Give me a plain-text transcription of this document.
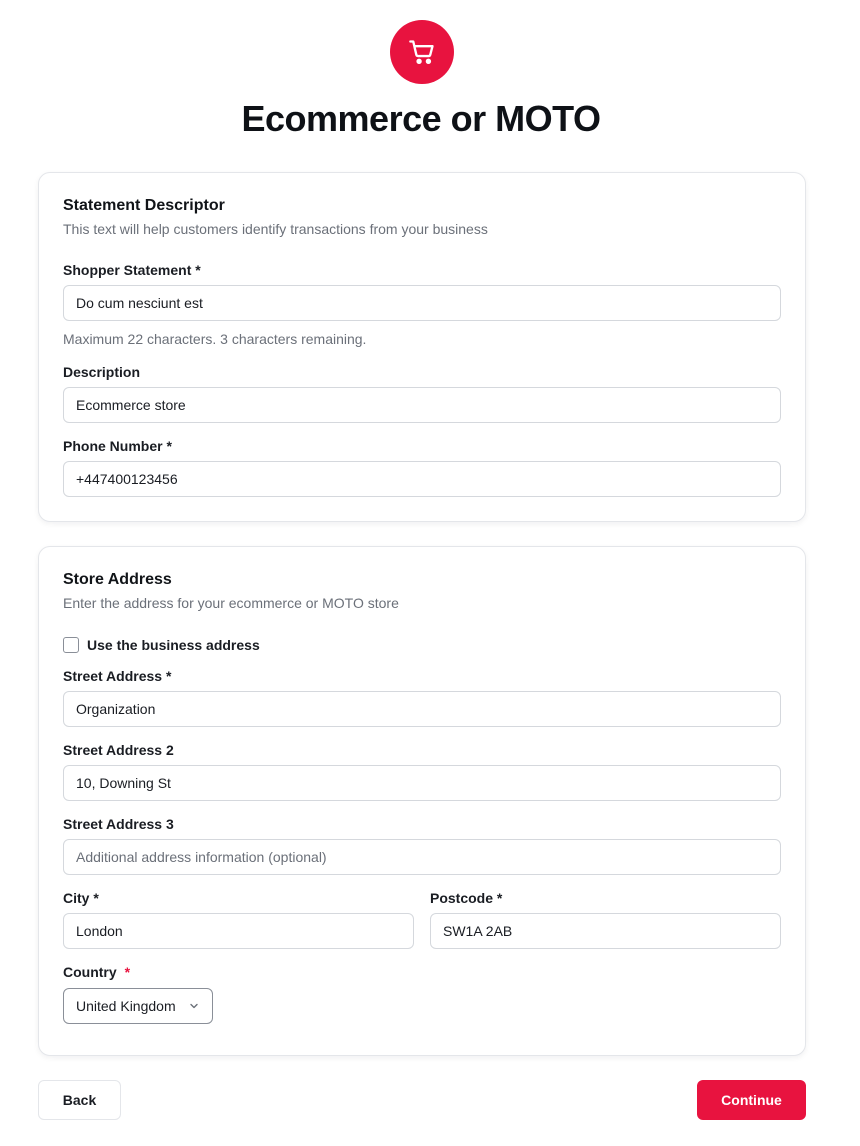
Ecommerce or MOTO
Statement Descriptor
This text will help customers identify transactions from your business
Shopper Statement *
Do cum nesciunt est
Maximum 22 characters. 3 characters remaining.
Description
Ecommerce store
Phone Number *
+447400123456
Store Address
Enter the address for your ecommerce or MOTO store
Use the business address
Street Address *
Organization
Street Address 2
10, Downing St
Street Address 3
Additional address information (optional)
City *
London	Postcode *
SW1A 2AB
Country *
United Kingdom
Back	Continue
